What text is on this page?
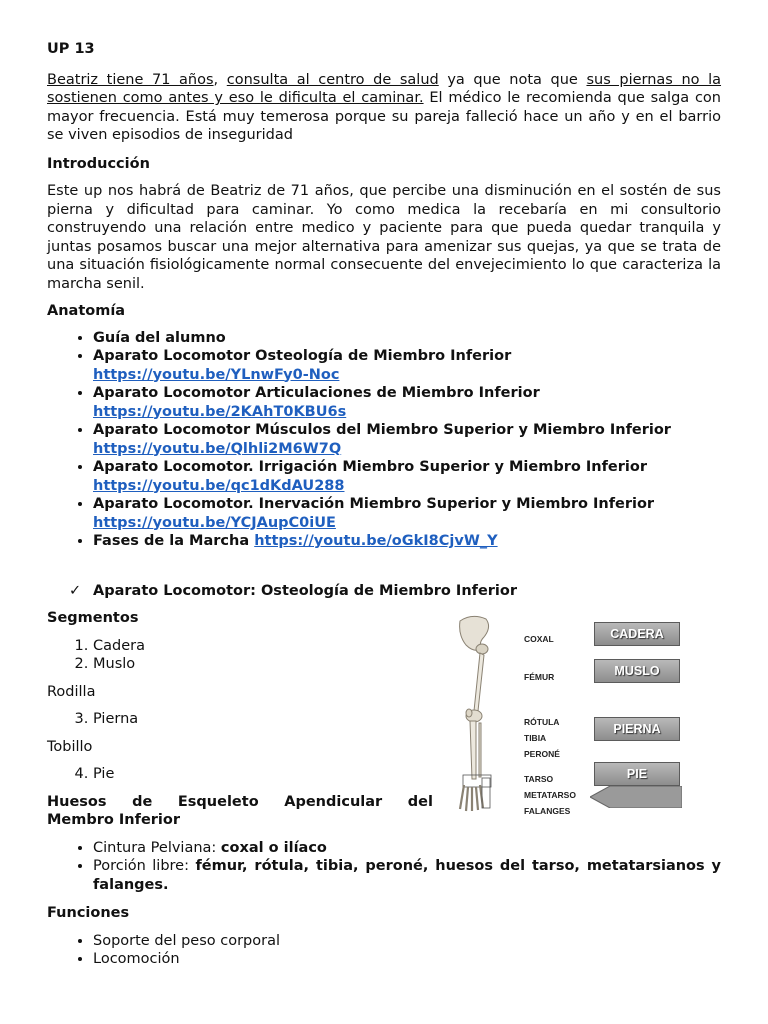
UP 13

Beatriz tiene 71 años, consulta al centro de salud ya que nota que sus piernas no la sostienen como antes y eso le dificulta el caminar. El médico le recomienda que salga con mayor frecuencia. Está muy temerosa porque su pareja falleció hace un año y en el barrio se viven episodios de inseguridad

Introducción

Este up nos habrá de Beatriz de 71 años, que percibe una disminución en el sostén de sus pierna y dificultad para caminar. Yo como medica la recebaría en mi consultorio construyendo una relación entre medico y paciente para que pueda quedar tranquila y juntas posamos buscar una mejor alternativa para amenizar sus quejas, ya que se trata de una situación fisiológicamente normal consecuente del envejecimiento lo que caracteriza la marcha senil.

Anatomía

• Guía del alumno
• Aparato Locomotor Osteología de Miembro Inferior
https://youtu.be/YLnwFy0-Noc
• Aparato Locomotor Articulaciones de Miembro Inferior
https://youtu.be/2KAhT0KBU6s
• Aparato Locomotor Músculos del Miembro Superior y Miembro Inferior
https://youtu.be/Qlhli2M6W7Q
• Aparato Locomotor. Irrigación Miembro Superior y Miembro Inferior
https://youtu.be/qc1dKdAU288
• Aparato Locomotor. Inervación Miembro Superior y Miembro Inferior
https://youtu.be/YCJAupC0iUE
• Fases de la Marcha https://youtu.be/oGkI8CjvW_Y
✓ Aparato Locomotor: Osteología de Miembro Inferior

Segmentos

1. Cadera
2. Muslo

Rodilla

3. Pierna

Tobillo

4. Pie
Huesos de Esqueleto Apendicular del
Membro Inferior
• Cintura Pelviana: coxal o ilíaco
• Porción libre: fémur, rótula, tibia, peroné, huesos del tarso, metatarsianos y falanges.

Funciones

• Soporte del peso corporal
• Locomoción
COXAL
FÉMUR
RÓTULA
TIBIA
PERONÉ
TARSO
METATARSO
FALANGES
CADERA
MUSLO
PIERNA
PIE
